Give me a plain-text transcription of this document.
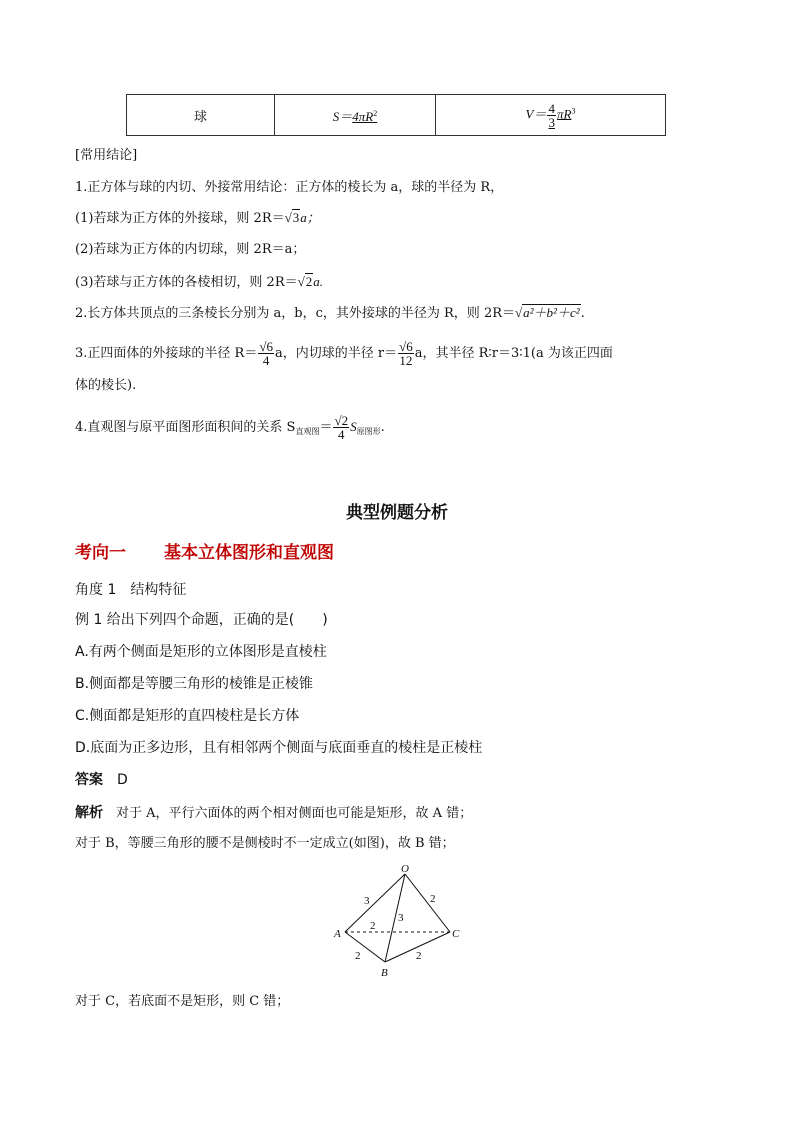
球	$S=4\pi R^2$	$V= \frac{4}{3} \pi R^3$
[常用结论]
1.正方体与球的内切、外接常用结论：正方体的棱长为 a，球的半径为 R，
(1)若球为正方体的外接球，则 2R＝√3a；
(2)若球为正方体的内切球，则 2R＝a；
(3)若球与正方体的各棱相切，则 2R＝√2a.
2.长方体共顶点的三条棱长分别为 a，b，c，其外接球的半径为 R，则 2R＝√a²＋b²＋c².
3.正四面体的外接球的半径 $R= \frac{√6}{4}$ a，内切球的半径 $r= \frac{√6}{12}$ a，其半径 R∶r＝3∶1(a 为该正四面
体的棱长).
4.直观图与原平面图形面积间的关系 $S_{直观图}= \frac{√2}{4} S_{原图形}$.
典型例题分析
考向一 基本立体图形和直观图
角度 1　结构特征
例 1 给出下列四个命题，正确的是(　　)
A.有两个侧面是矩形的立体图形是直棱柱
B.侧面都是等腰三角形的棱锥是正棱锥
C.侧面都是矩形的直四棱柱是长方体
D.底面为正多边形，且有相邻两个侧面与底面垂直的棱柱是正棱柱
答案　 D
解析　 对于 A，平行六面体的两个相对侧面也可能是矩形，故 A 错；
对于 B，等腰三角形的腰不是侧棱时不一定成立(如图)，故 B 错；
O
A
B
C
3	2
3
2
2	2
对于 C，若底面不是矩形，则 C 错；
